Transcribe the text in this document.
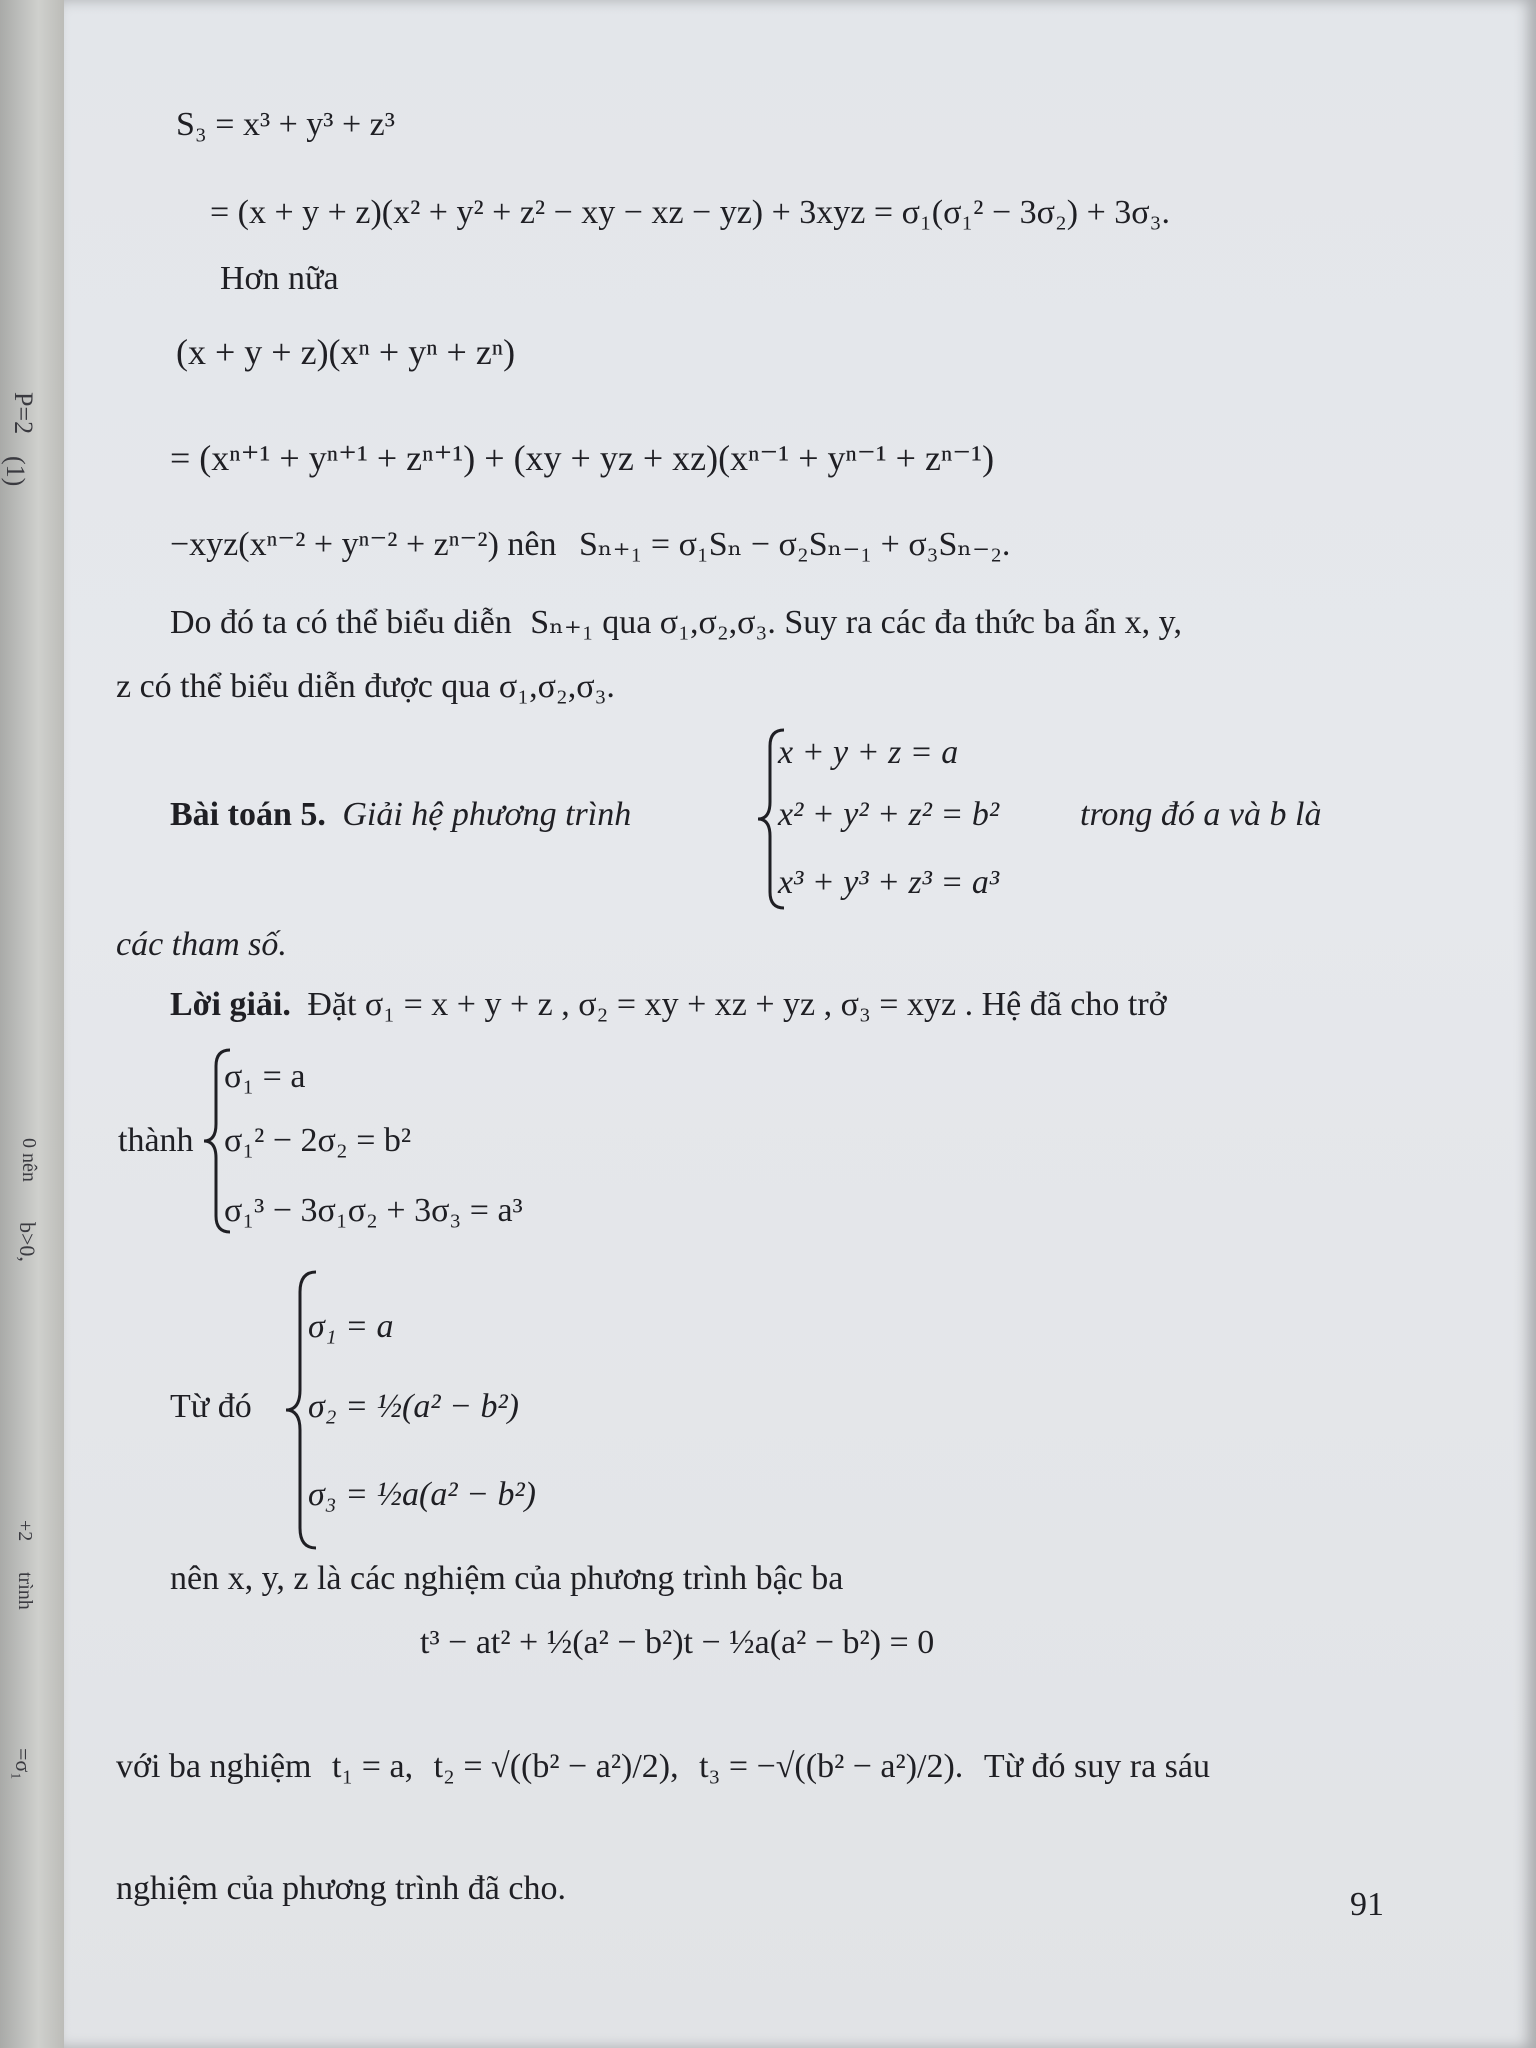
P=2
(1)
0 nên
b>0,
+2
trình
=σ₁
S₃ = x³ + y³ + z³
= (x + y + z)(x² + y² + z² − xy − xz − yz) + 3xyz = σ₁(σ₁² − 3σ₂) + 3σ₃.
Hơn nữa
(x + y + z)(xⁿ + yⁿ + zⁿ)
= (xⁿ⁺¹ + yⁿ⁺¹ + zⁿ⁺¹) + (xy + yz + xz)(xⁿ⁻¹ + yⁿ⁻¹ + zⁿ⁻¹)
−xyz(xⁿ⁻² + yⁿ⁻² + zⁿ⁻²) nên Sₙ₊₁ = σ₁Sₙ − σ₂Sₙ₋₁ + σ₃Sₙ₋₂.
Do đó ta có thể biểu diễn Sₙ₊₁ qua σ₁,σ₂,σ₃. Suy ra các đa thức ba ẩn x, y,
z có thể biểu diễn được qua σ₁,σ₂,σ₃.
Bài toán 5. Giải hệ phương trình
x + y + z = a
x² + y² + z² = b²
x³ + y³ + z³ = a³
trong đó a và b là
các tham số.
Lời giải. Đặt σ₁ = x + y + z , σ₂ = xy + xz + yz , σ₃ = xyz . Hệ đã cho trở
thành
σ₁ = a
σ₁² − 2σ₂ = b²
σ₁³ − 3σ₁σ₂ + 3σ₃ = a³
Từ đó
σ₁ = a
σ₂ = ½(a² − b²)
σ₃ = ½a(a² − b²)
nên x, y, z là các nghiệm của phương trình bậc ba
t³ − at² + ½(a² − b²)t − ½a(a² − b²) = 0
với ba nghiệm t₁ = a, t₂ = √((b² − a²)/2), t₃ = −√((b² − a²)/2). Từ đó suy ra sáu
nghiệm của phương trình đã cho.	91
